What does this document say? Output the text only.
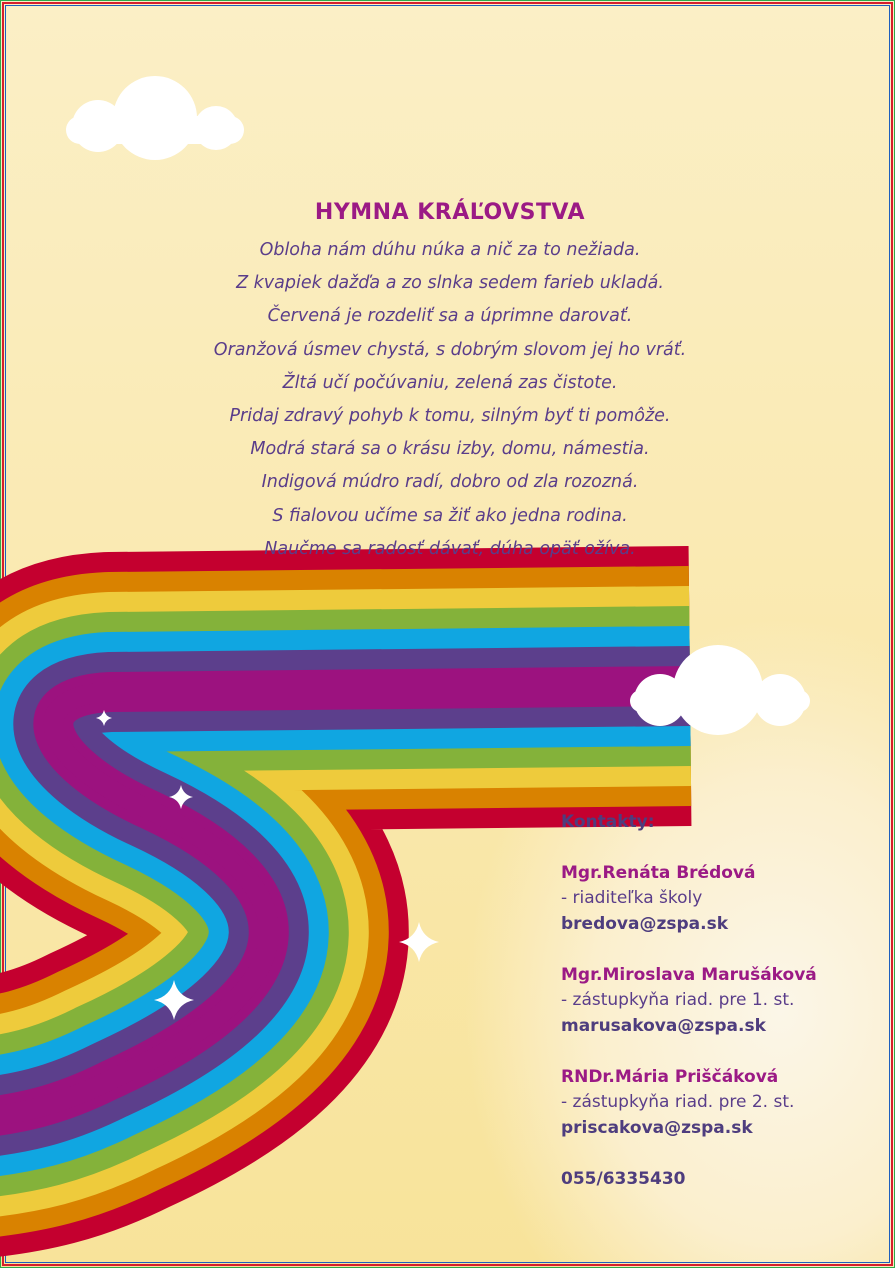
HYMNA KRÁĽOVSTVA
Obloha nám dúhu núka a nič za to nežiada.
Z kvapiek dažďa a zo slnka sedem farieb ukladá.
Červená je rozdeliť sa a úprimne darovať.
Oranžová úsmev chystá, s dobrým slovom jej ho vráť.
Žltá učí počúvaniu, zelená zas čistote.
Pridaj zdravý pohyb k tomu, silným byť ti pomôže.
Modrá stará sa o krásu izby, domu, námestia.
Indigová múdro radí, dobro od zla rozozná.
S fialovou učíme sa žiť ako jedna rodina.
Naučme sa radosť dávať, dúha opäť ožíva.
Kontakty:
Mgr.Renáta Brédová
- riaditeľka školy
bredova@zspa.sk
Mgr.Miroslava Marušáková
- zástupkyňa riad. pre 1. st.
marusakova@zspa.sk
RNDr.Mária Priščáková
- zástupkyňa riad. pre 2. st.
priscakova@zspa.sk
055/6335430
